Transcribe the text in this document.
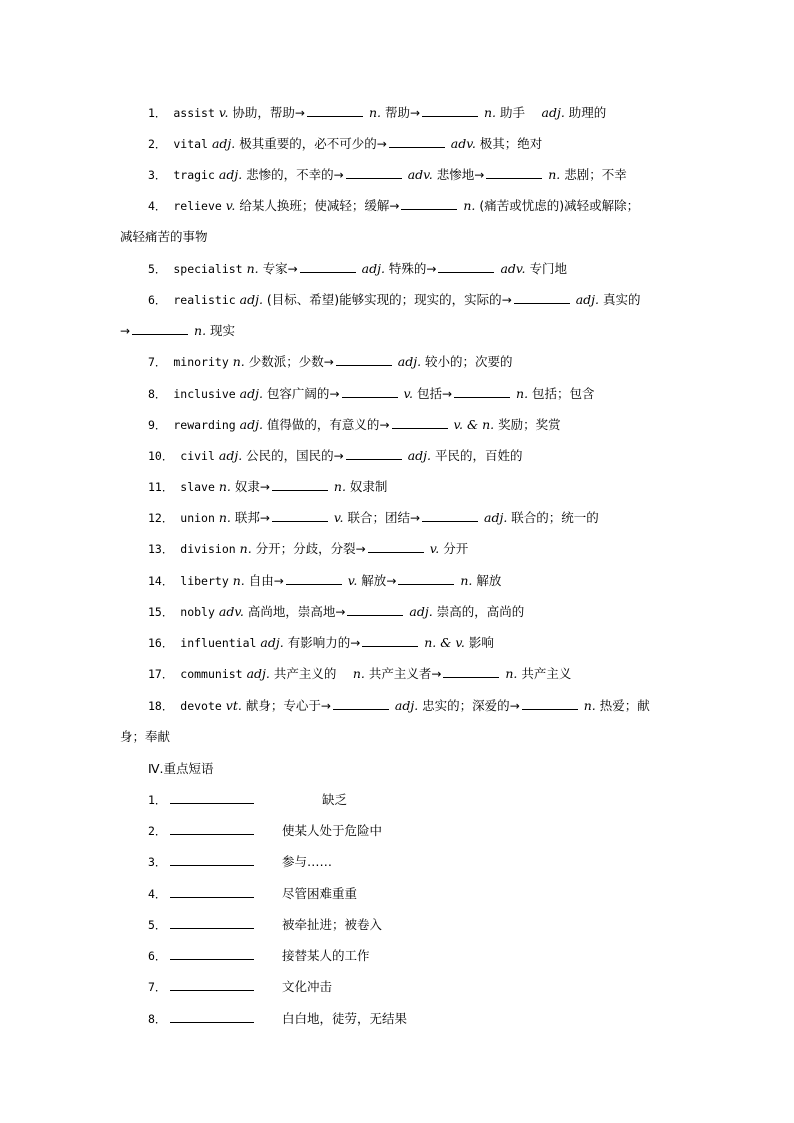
1． assist v. 协助，帮助→	n. 帮助→	n. 助手　 adj. 助理的
2． vital adj. 极其重要的，必不可少的→	adv. 极其；绝对
3． tragic adj. 悲惨的，不幸的→	adv. 悲惨地→	n. 悲剧；不幸
4． relieve v. 给某人换班；使减轻；缓解→	n. (痛苦或忧虑的)减轻或解除；
减轻痛苦的事物
5． specialist n. 专家→	adj. 特殊的→	adv. 专门地
6． realistic adj. (目标、希望)能够实现的；现实的，实际的→	adj. 真实的
→	n. 现实
7． minority n. 少数派；少数→	adj. 较小的；次要的
8． inclusive adj. 包容广阔的→	v. 包括→	n. 包括；包含
9． rewarding adj. 值得做的，有意义的→	v. & n. 奖励；奖赏
10． civil adj. 公民的，国民的→	adj. 平民的，百姓的
11． slave n. 奴隶→	n. 奴隶制
12． union n. 联邦→	v. 联合；团结→	adj. 联合的；统一的
13． division n. 分开；分歧，分裂→	v. 分开
14． liberty n. 自由→	v. 解放→	n. 解放
15． nobly adv. 高尚地，崇高地→	adj. 崇高的，高尚的
16． influential adj. 有影响力的→	n. & v. 影响
17． communist adj. 共产主义的　 n. 共产主义者→	n. 共产主义
18． devote vt. 献身；专心于→	adj. 忠实的；深爱的→	n. 热爱；献
身；奉献
Ⅳ.重点短语
1．	缺乏
2．	使某人处于危险中
3．	参与……
4．	尽管困难重重
5．	被牵扯进；被卷入
6．	接替某人的工作
7．	文化冲击
8．	白白地，徒劳，无结果
